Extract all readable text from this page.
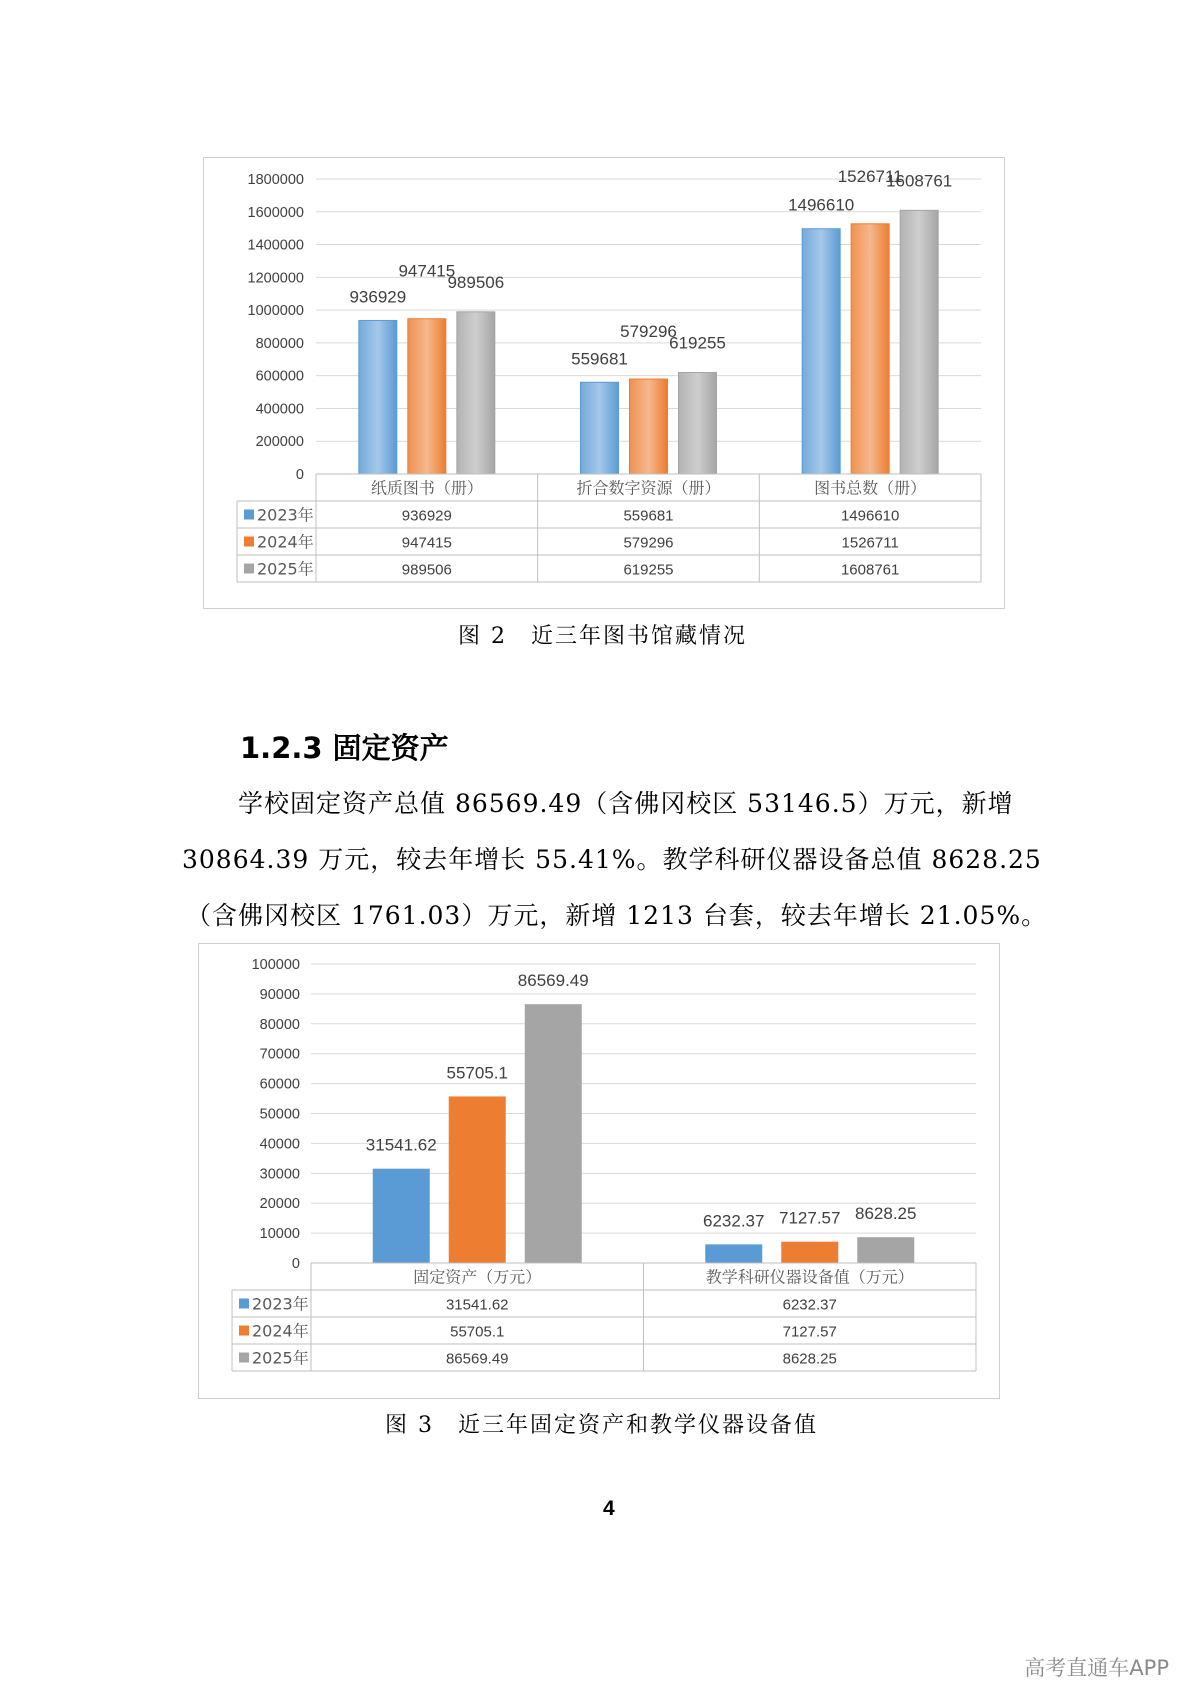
0
200000
400000
600000
800000
1000000
1200000
1400000
1600000
1800000
936929
947415
989506
559681
579296
619255
1496610
1526711
1608761
纸质图书（册）	折合数字资源（册）	图书总数（册）
2023年	936929	559681	1496610
2024年	947415	579296	1526711
2025年	989506	619255	1608761
图 2　近三年图书馆藏情况
1.2.3 固定资产
学校固定资产总值 86569.49（含佛冈校区 53146.5）万元，新增
30864.39 万元，较去年增长 55.41%。教学科研仪器设备总值 8628.25
（含佛冈校区 1761.03）万元，新增 1213 台套，较去年增长 21.05%。
0
10000
20000
30000
40000
50000
60000
70000
80000
90000
100000
31541.62
55705.1
86569.49
6232.37 7127.57 8628.25
固定资产（万元）	教学科研仪器设备值（万元）
2023年	31541.62	6232.37
2024年	55705.1	7127.57
2025年	86569.49	8628.25
图 3　近三年固定资产和教学仪器设备值
4
高考直通车APP
